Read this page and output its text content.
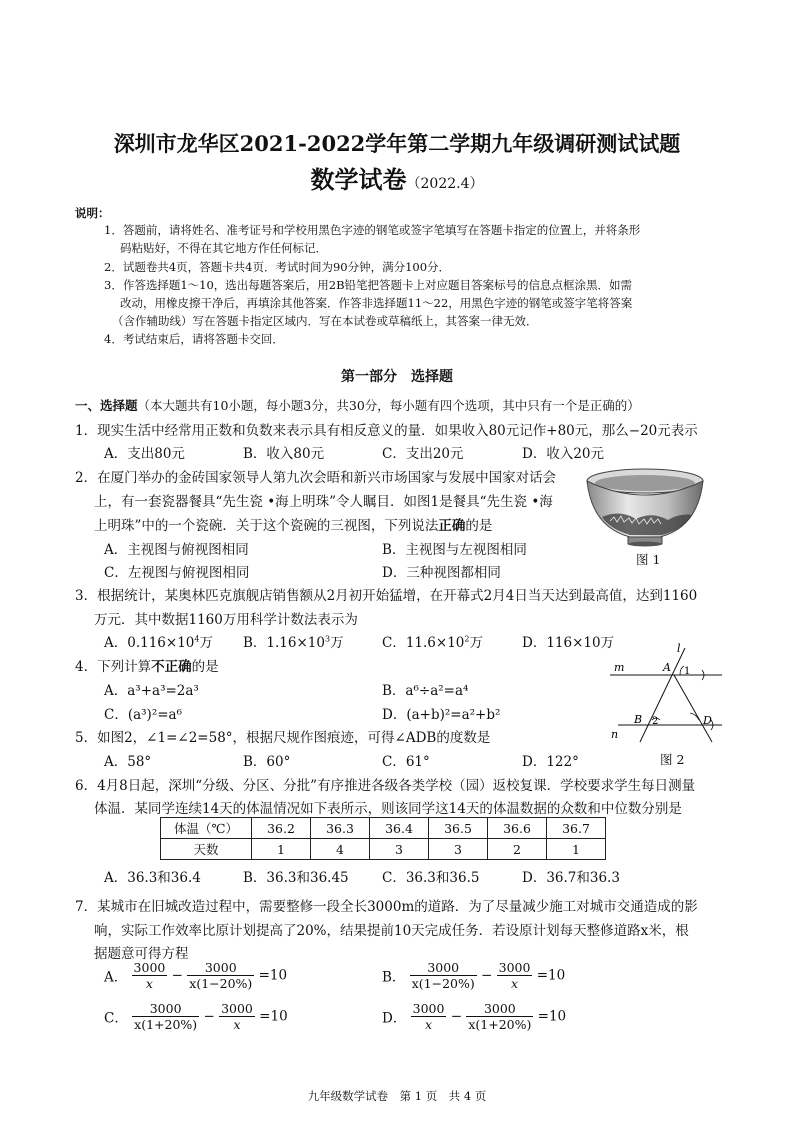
深圳市龙华区2021-2022学年第二学期九年级调研测试试题
数学试卷（2022.4）
说明：
1．答题前，请将姓名、准考证号和学校用黑色字迹的钢笔或签字笔填写在答题卡指定的位置上，并将条形
码粘贴好，不得在其它地方作任何标记．
2．试题卷共4页，答题卡共4页．考试时间为90分钟，满分100分．
3．作答选择题1～10，选出每题答案后，用2B铅笔把答题卡上对应题目答案标号的信息点框涂黑．如需
改动，用橡皮擦干净后，再填涂其他答案．作答非选择题11～22，用黑色字迹的钢笔或签字笔将答案
（含作辅助线）写在答题卡指定区域内．写在本试卷或草稿纸上，其答案一律无效．
4．考试结束后，请将答题卡交回．
第一部分　选择题
一、选择题（本大题共有10小题，每小题3分，共30分，每小题有四个选项，其中只有一个是正确的）
1．现实生活中经常用正数和负数来表示具有相反意义的量．如果收入80元记作+80元，那么−20元表示
A．支出80元	B．收入80元	C．支出20元	D．收入20元
2．在厦门举办的金砖国家领导人第九次会晤和新兴市场国家与发展中国家对话会
上，有一套瓷器餐具“先生瓷 •海上明珠”令人瞩目．如图1是餐具“先生瓷 •海
上明珠”中的一个瓷碗．关于这个瓷碗的三视图，下列说法正确的是
A．主视图与俯视图相同	B．主视图与左视图相同
C．左视图与俯视图相同	D．三种视图都相同
图 1
3．根据统计，某奥林匹克旗舰店销售额从2月初开始猛增，在开幕式2月4日当天达到最高值，达到1160
万元．其中数据1160万用科学计数法表示为
A．$0.116\times 10^4$万 B．$1.16\times 10^3$万	C．$11.6\times 10^2$万	D．116×10万
4．下列计算不正确的是
A．a³+a³=2a³	B．a⁶÷a²=a⁴
C．(a³)²=a⁶	D．(a+b)²=a²+b²
l
m
n
A 1
B 2	D
图 2
5．如图2，∠1=∠2=58°，根据尺规作图痕迹，可得∠ADB的度数是
A．58°	B．60°	C．61°	D．122°
6．4月8日起，深圳“分级、分区、分批”有序推进各级各类学校（园）返校复课．学校要求学生每日测量
体温．某同学连续14天的体温情况如下表所示，则该同学这14天的体温数据的众数和中位数分别是
体温（℃）	36.2	36.3	36.4	36.5	36.6	36.7
天数	1	4	3	3	2	1
A．36.3和36.4	B．36.3和36.45 C．36.3和36.5	D．36.7和36.3
7．某城市在旧城改造过程中，需要整修一段全长3000m的道路．为了尽量减少施工对城市交通造成的影
响，实际工作效率比原计划提高了20%，结果提前10天完成任务．若设原计划每天整修道路x米，根
据题意可得方程
A． $\frac{3000}{x} - \frac{3000}{x(1-20\%)} =10$	B． $\frac{3000}{x(1-20\%)} - \frac{3000}{x} =10$
C． $\frac{3000}{x(1+20\%)} - \frac{3000}{x} =10$	D． $\frac{3000}{x} - \frac{3000}{x(1+20\%)} =10$
九年级数学试卷　第 1 页　共 4 页
